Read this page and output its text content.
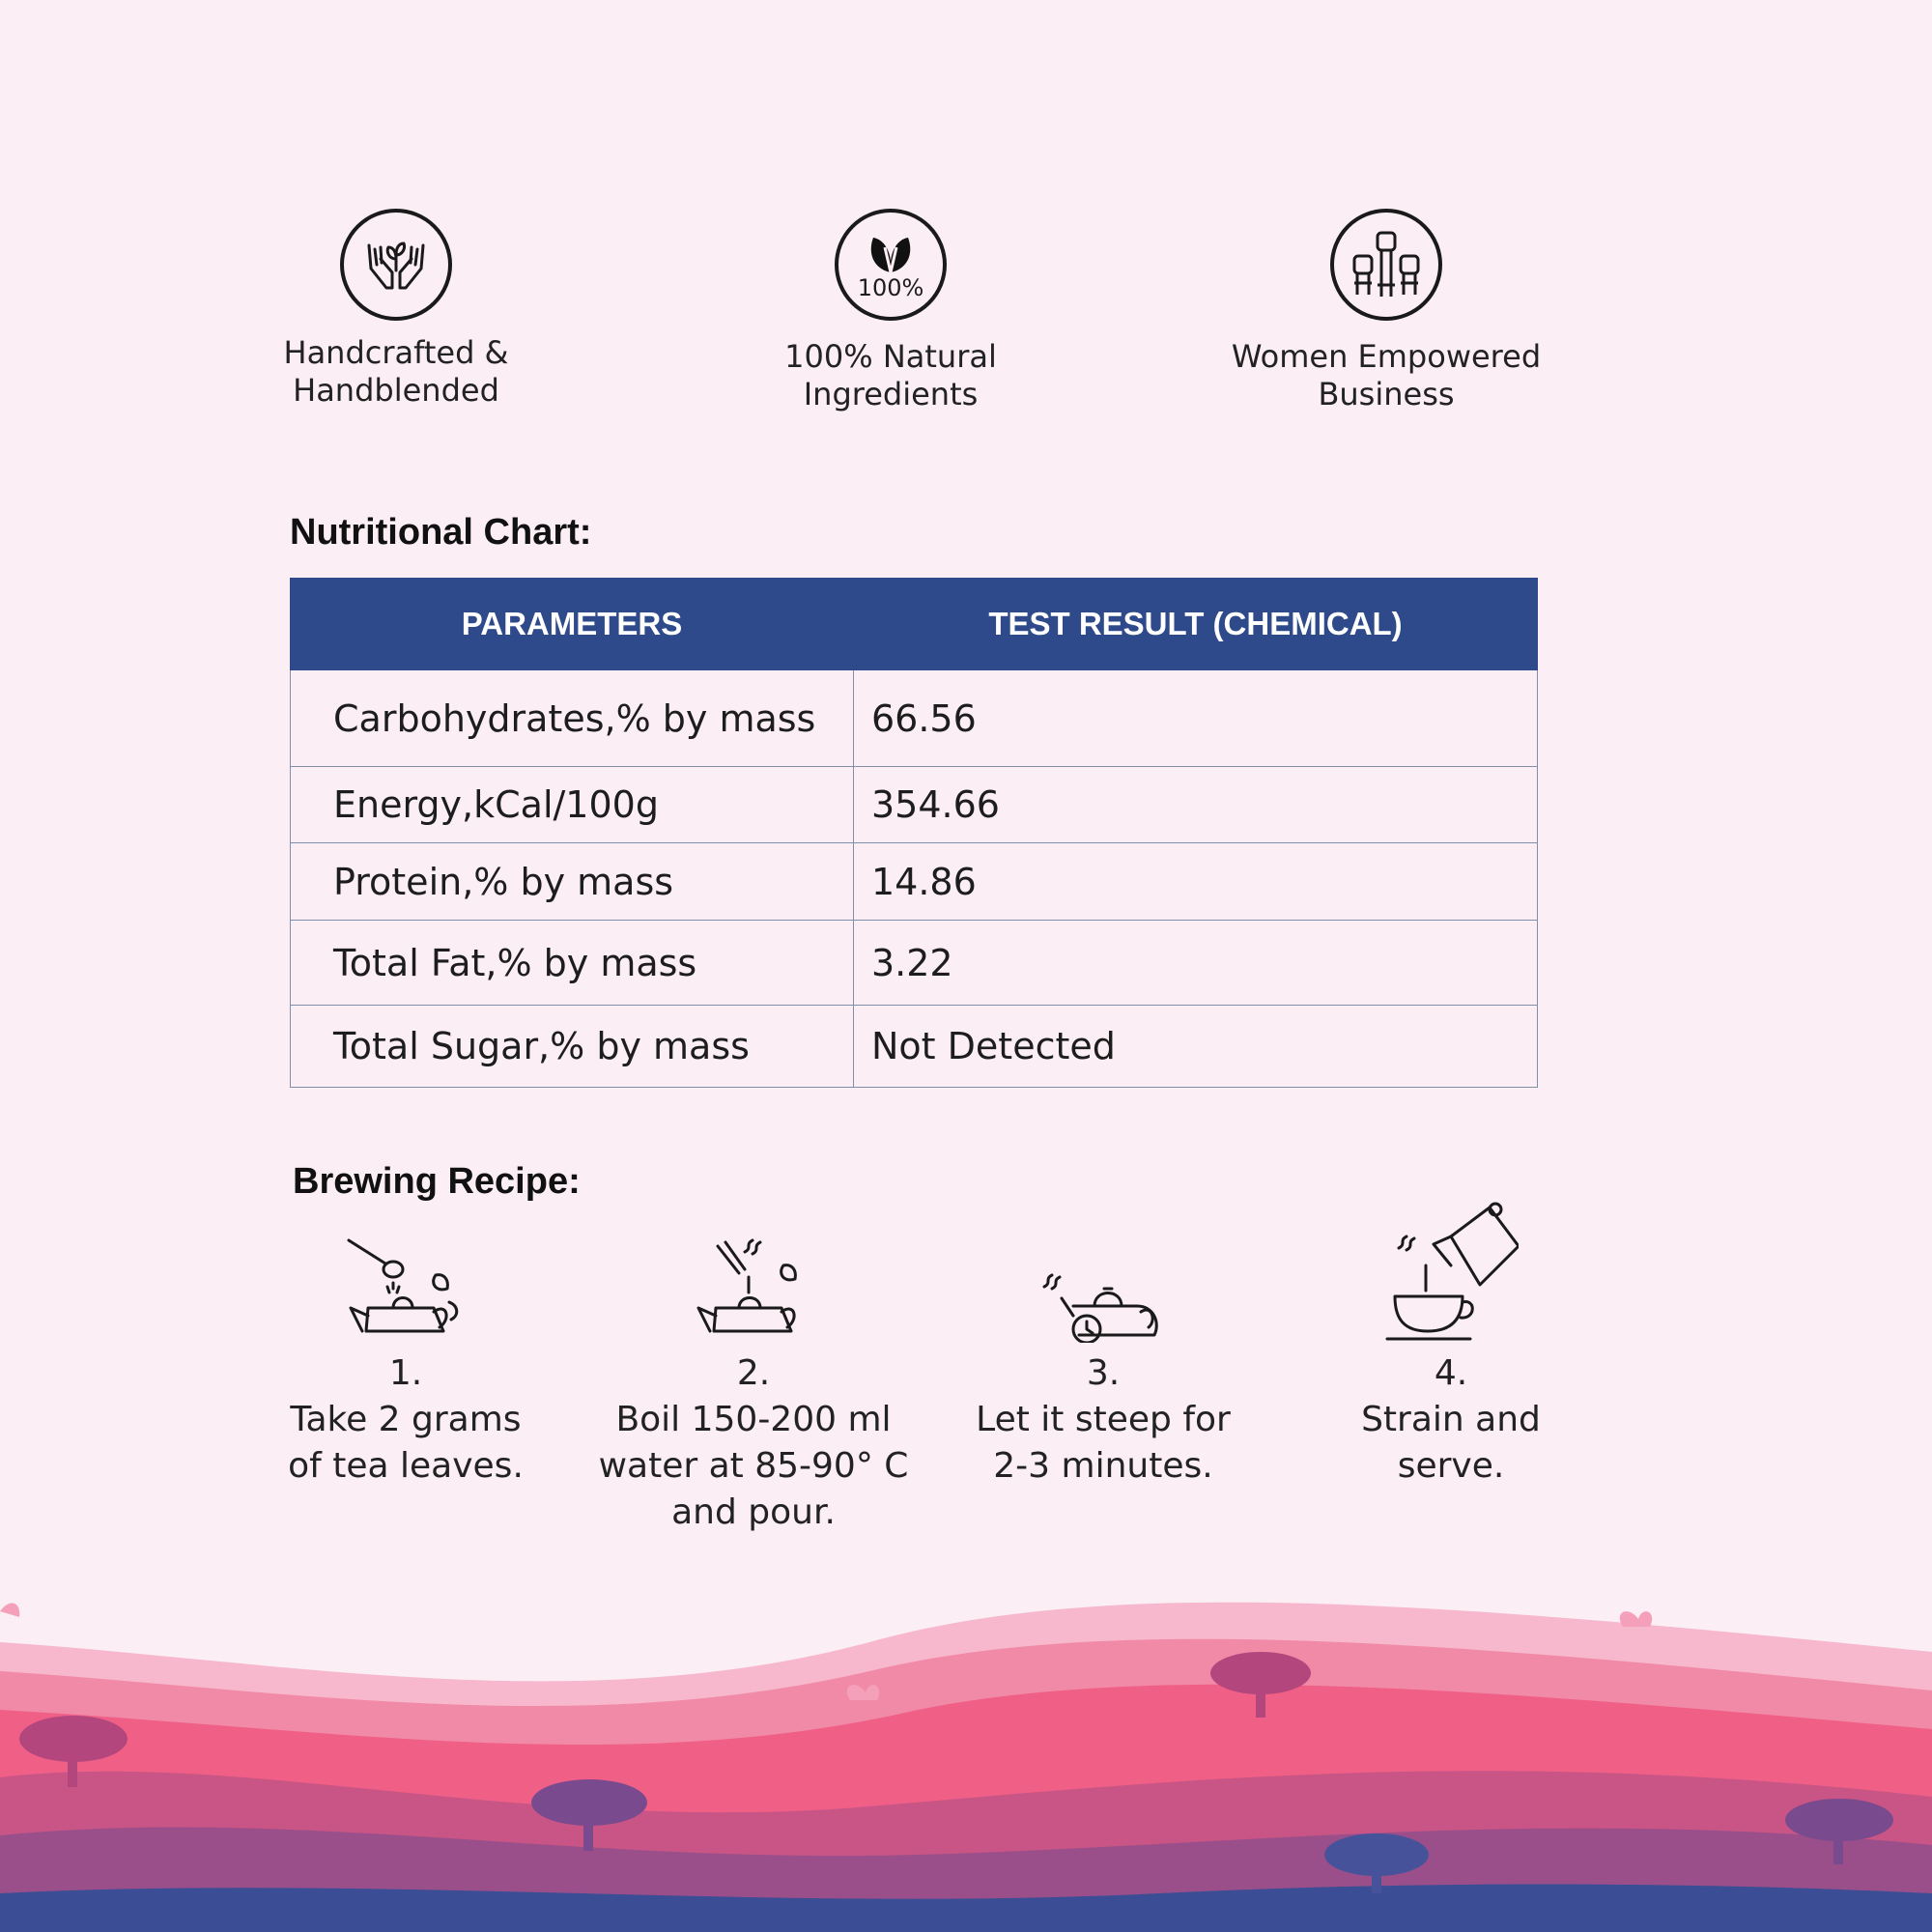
Handcrafted &
Handblended
100%
100% Natural
Ingredients
Women Empowered
Business
Nutritional Chart:
PARAMETERS	TEST RESULT (CHEMICAL)
Carbohydrates,% by mass	66.56
Energy,kCal/100g	354.66
Protein,% by mass	14.86
Total Fat,% by mass	3.22
Total Sugar,% by mass	Not Detected
Brewing Recipe:
1.
Take 2 grams
of tea leaves.
2.
Boil 150-200 ml
water at 85-90° C
and pour.
3.
Let it steep for
2-3 minutes.
4.
Strain and
serve.
